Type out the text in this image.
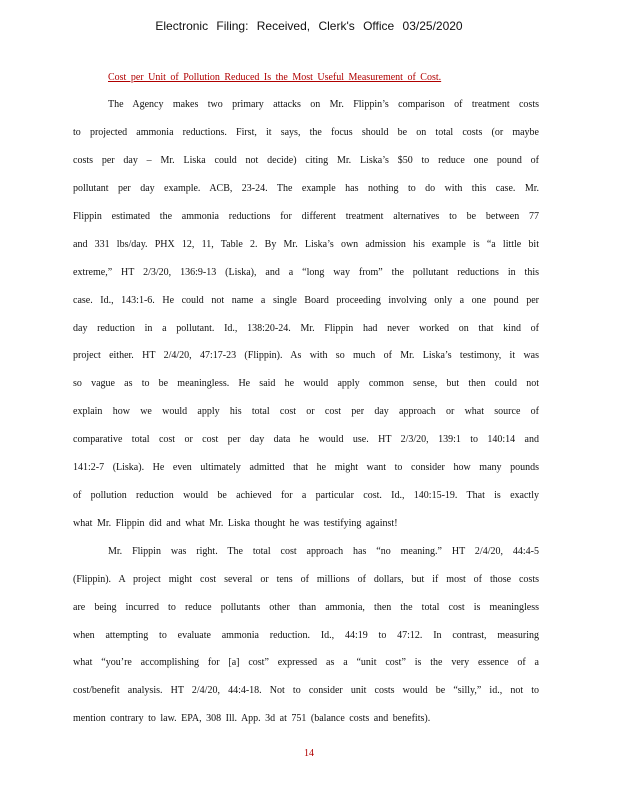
Electronic Filing: Received, Clerk's Office 03/25/2020
Cost per Unit of Pollution Reduced Is the Most Useful Measurement of Cost.
The Agency makes two primary attacks on Mr. Flippin’s comparison of treatment costs
to projected ammonia reductions. First, it says, the focus should be on total costs (or maybe
costs per day – Mr. Liska could not decide) citing Mr. Liska’s $50 to reduce one pound of
pollutant per day example. ACB, 23-24. The example has nothing to do with this case. Mr.
Flippin estimated the ammonia reductions for different treatment alternatives to be between 77
and 331 lbs/day. PHX 12, 11, Table 2. By Mr. Liska’s own admission his example is “a little bit
extreme,” HT 2/3/20, 136:9-13 (Liska), and a “long way from” the pollutant reductions in this
case. Id., 143:1-6. He could not name a single Board proceeding involving only a one pound per
day reduction in a pollutant. Id., 138:20-24. Mr. Flippin had never worked on that kind of
project either. HT 2/4/20, 47:17-23 (Flippin). As with so much of Mr. Liska’s testimony, it was
so vague as to be meaningless. He said he would apply common sense, but then could not
explain how we would apply his total cost or cost per day approach or what source of
comparative total cost or cost per day data he would use. HT 2/3/20, 139:1 to 140:14 and
141:2-7 (Liska). He even ultimately admitted that he might want to consider how many pounds
of pollution reduction would be achieved for a particular cost. Id., 140:15-19. That is exactly
what Mr. Flippin did and what Mr. Liska thought he was testifying against!
Mr. Flippin was right. The total cost approach has “no meaning.” HT 2/4/20, 44:4-5
(Flippin). A project might cost several or tens of millions of dollars, but if most of those costs
are being incurred to reduce pollutants other than ammonia, then the total cost is meaningless
when attempting to evaluate ammonia reduction. Id., 44:19 to 47:12. In contrast, measuring
what “you’re accomplishing for [a] cost” expressed as a “unit cost” is the very essence of a
cost/benefit analysis. HT 2/4/20, 44:4-18. Not to consider unit costs would be “silly,” id., not to
mention contrary to law. EPA, 308 Ill. App. 3d at 751 (balance costs and benefits).
14
